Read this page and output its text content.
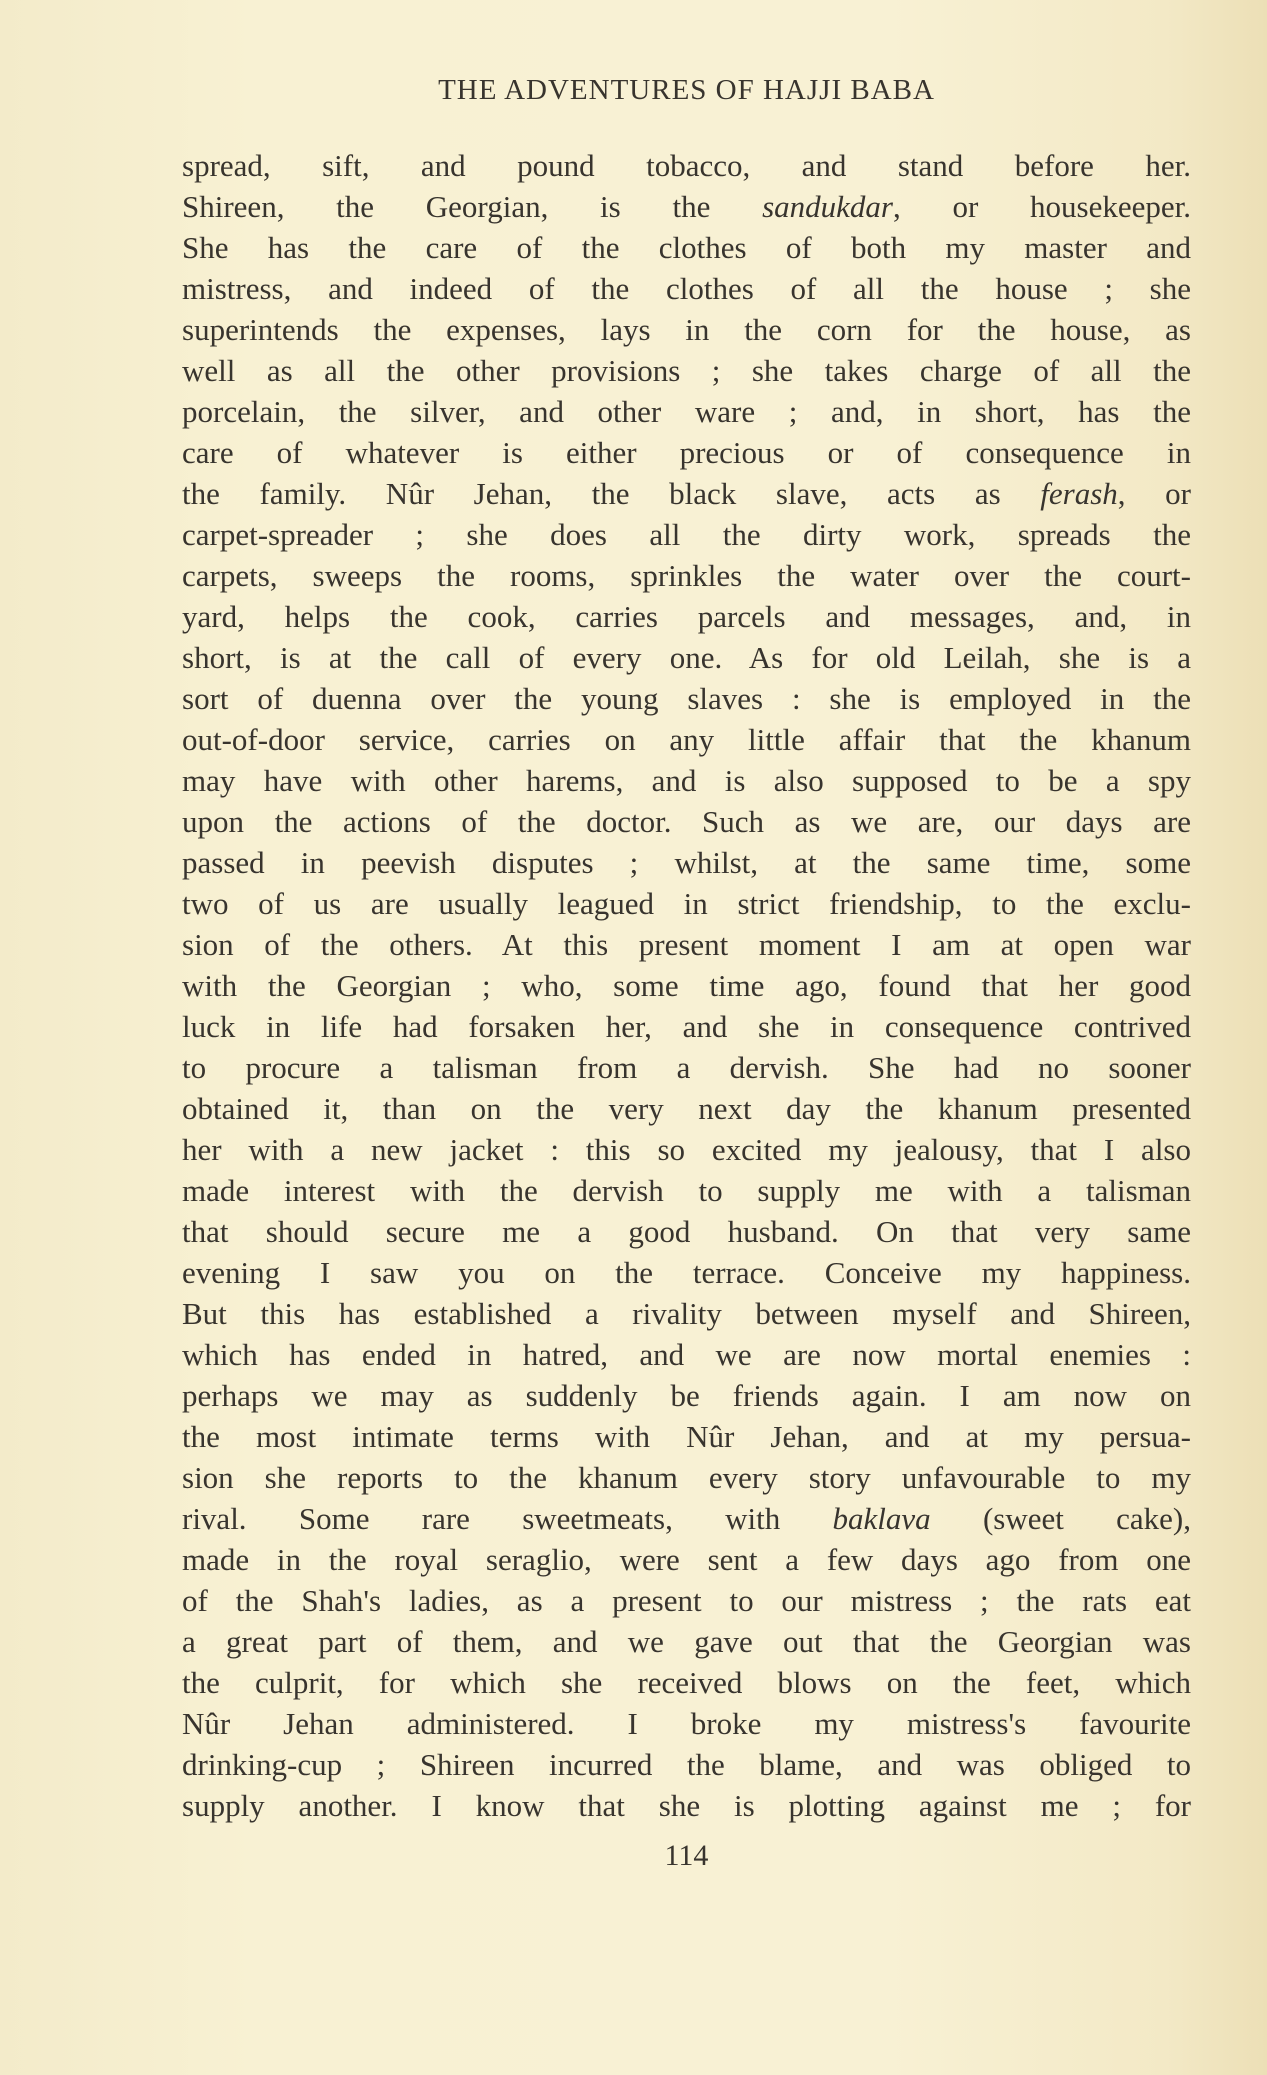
THE ADVENTURES OF HAJJI BABA
spread, sift, and pound tobacco, and stand before her.
Shireen, the Georgian, is the sandukdar, or housekeeper.
She has the care of the clothes of both my master and
mistress, and indeed of the clothes of all the house ; she
superintends the expenses, lays in the corn for the house, as
well as all the other provisions ; she takes charge of all the
porcelain, the silver, and other ware ; and, in short, has the
care of whatever is either precious or of consequence in
the family. Nûr Jehan, the black slave, acts as ferash, or
carpet-spreader ; she does all the dirty work, spreads the
carpets, sweeps the rooms, sprinkles the water over the court-
yard, helps the cook, carries parcels and messages, and, in
short, is at the call of every one. As for old Leilah, she is a
sort of duenna over the young slaves : she is employed in the
out-of-door service, carries on any little affair that the khanum
may have with other harems, and is also supposed to be a spy
upon the actions of the doctor. Such as we are, our days are
passed in peevish disputes ; whilst, at the same time, some
two of us are usually leagued in strict friendship, to the exclu-
sion of the others. At this present moment I am at open war
with the Georgian ; who, some time ago, found that her good
luck in life had forsaken her, and she in consequence contrived
to procure a talisman from a dervish. She had no sooner
obtained it, than on the very next day the khanum presented
her with a new jacket : this so excited my jealousy, that I also
made interest with the dervish to supply me with a talisman
that should secure me a good husband. On that very same
evening I saw you on the terrace. Conceive my happiness.
But this has established a rivality between myself and Shireen,
which has ended in hatred, and we are now mortal enemies :
perhaps we may as suddenly be friends again. I am now on
the most intimate terms with Nûr Jehan, and at my persua-
sion she reports to the khanum every story unfavourable to my
rival. Some rare sweetmeats, with baklava (sweet cake),
made in the royal seraglio, were sent a few days ago from one
of the Shah's ladies, as a present to our mistress ; the rats eat
a great part of them, and we gave out that the Georgian was
the culprit, for which she received blows on the feet, which
Nûr Jehan administered. I broke my mistress's favourite
drinking-cup ; Shireen incurred the blame, and was obliged to
supply another. I know that she is plotting against me ; for
114
